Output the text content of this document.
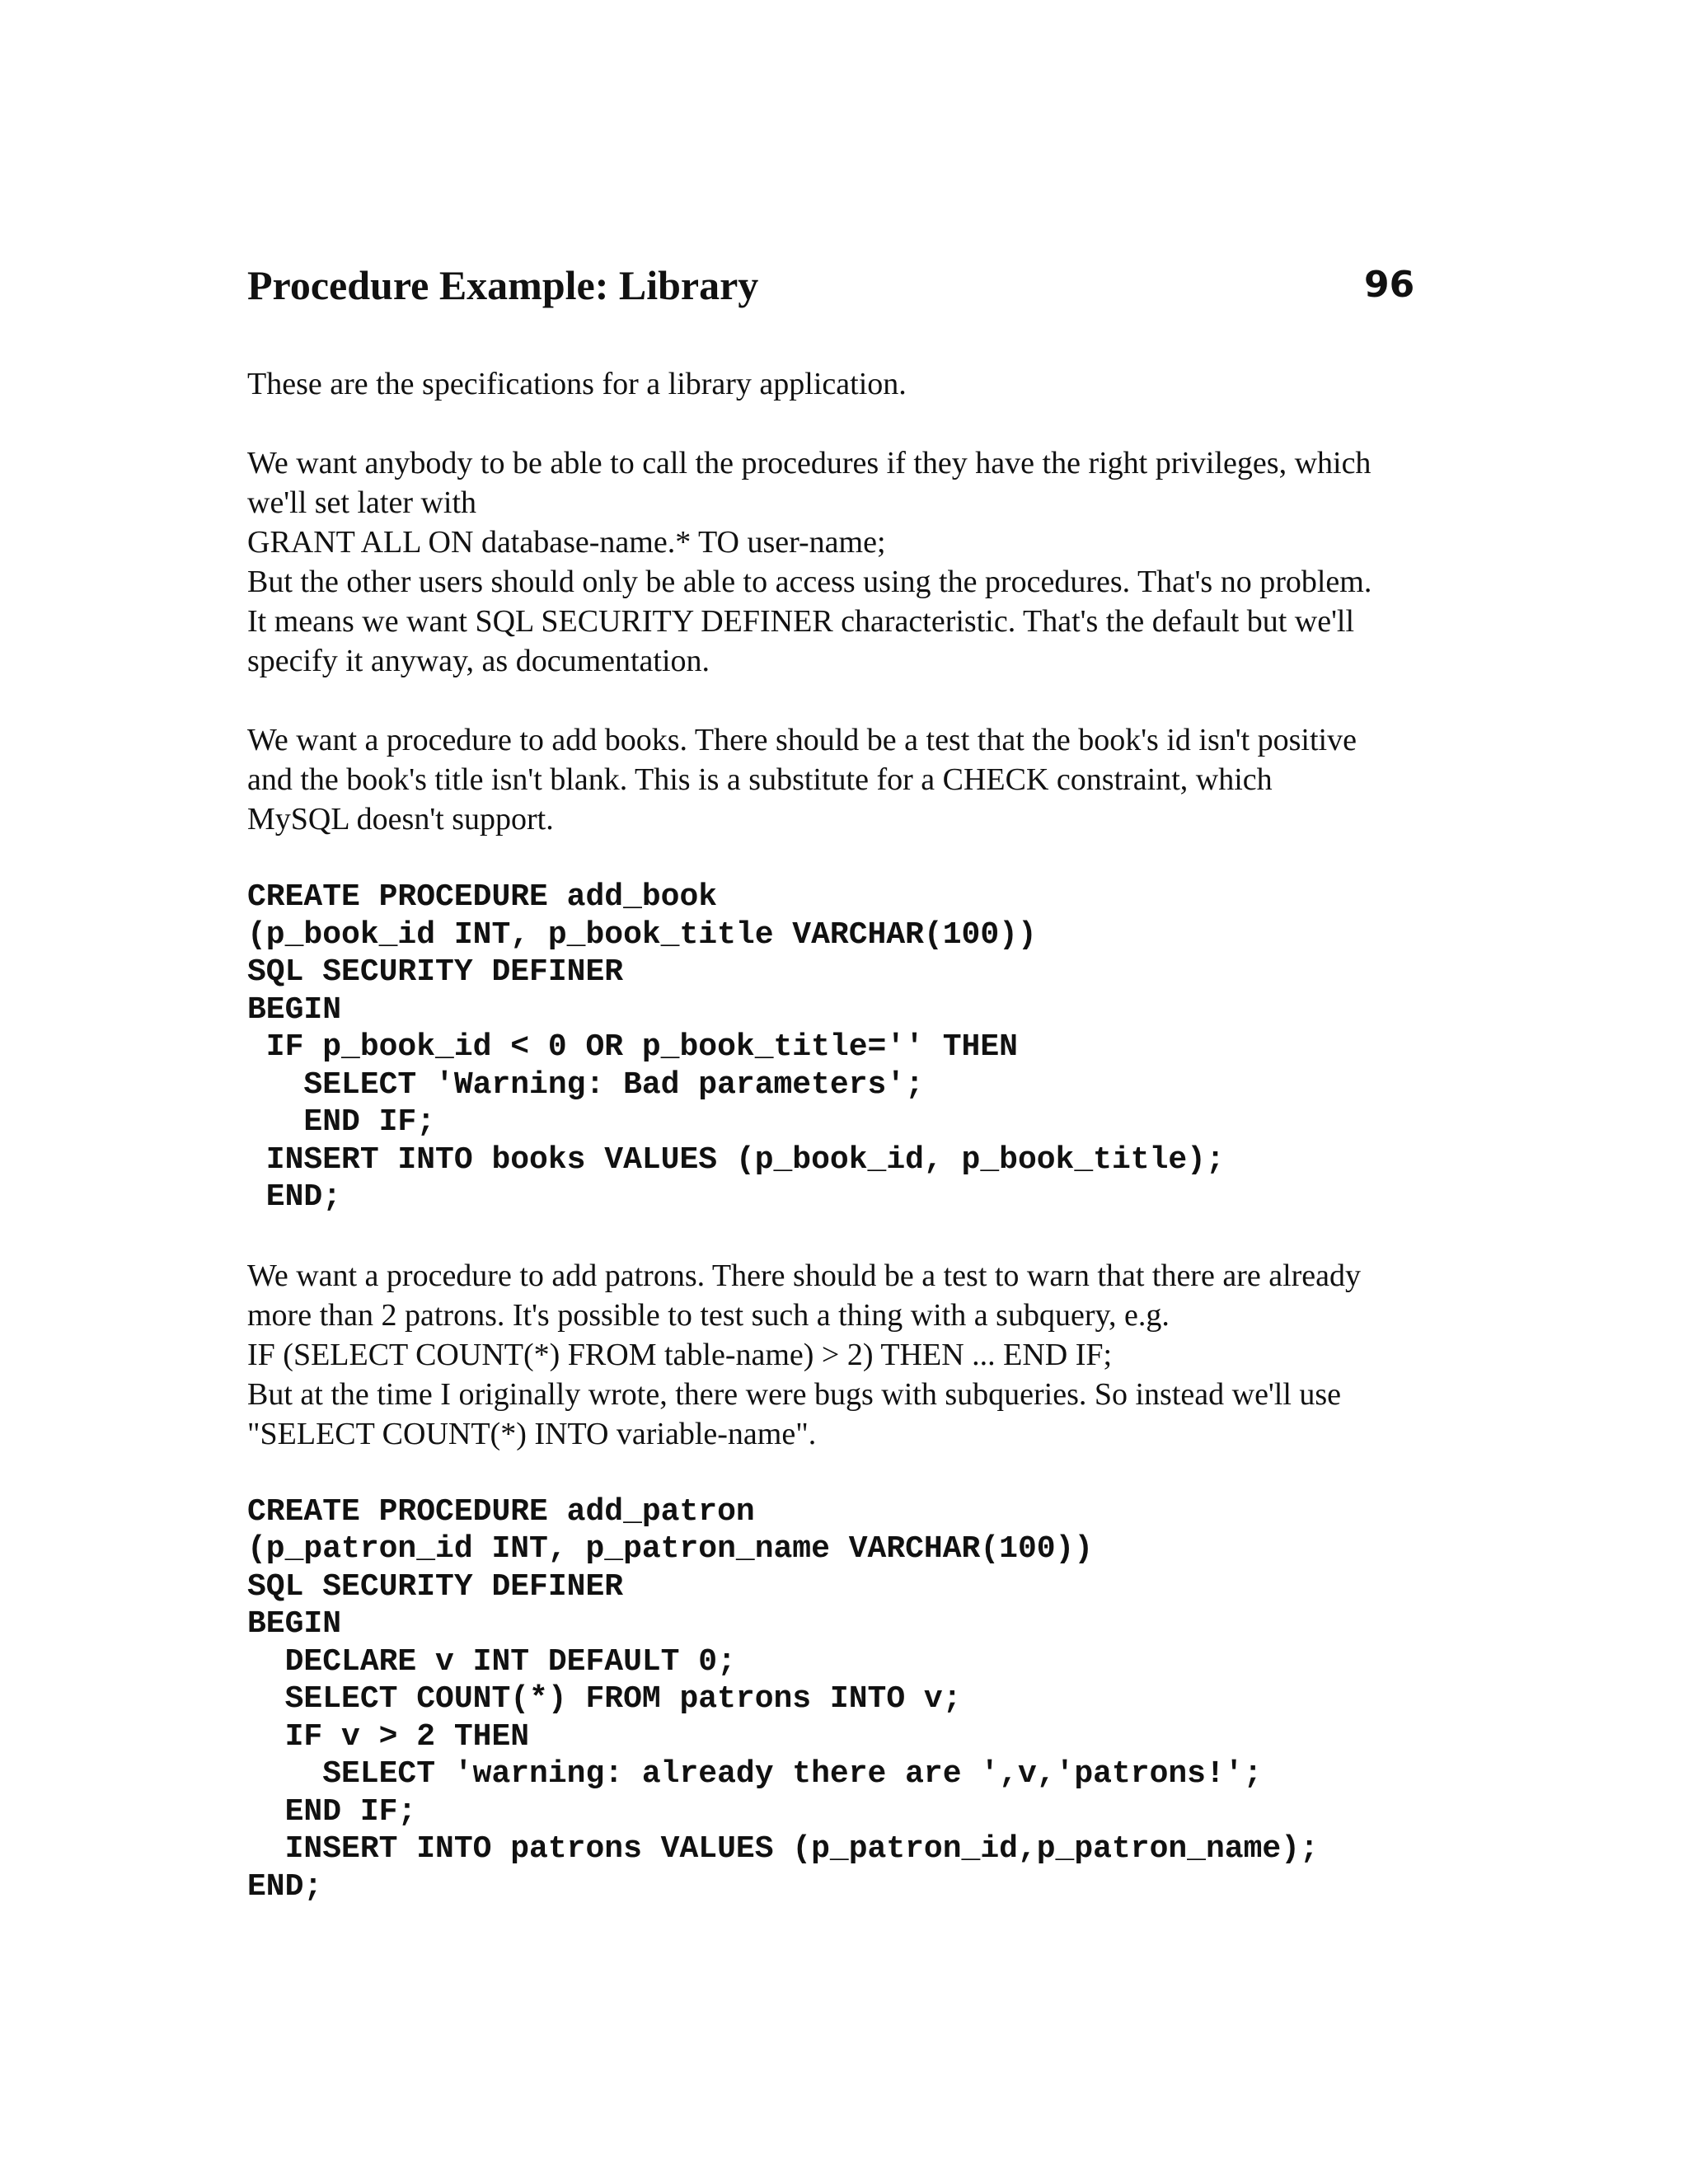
Procedure Example: Library	96

These are the specifications for a library application.

We want anybody to be able to call the procedures if they have the right privileges, which
we'll set later with
GRANT ALL ON database-name.* TO user-name;
But the other users should only be able to access using the procedures. That's no problem.
It means we want SQL SECURITY DEFINER characteristic. That's the default but we'll
specify it anyway, as documentation.

We want a procedure to add books. There should be a test that the book's id isn't positive
and the book's title isn't blank. This is a substitute for a CHECK constraint, which
MySQL doesn't support.

CREATE PROCEDURE add_book
(p_book_id INT, p_book_title VARCHAR(100))
SQL SECURITY DEFINER
BEGIN
IF p_book_id < 0 OR p_book_title='' THEN
SELECT 'Warning: Bad parameters';
END IF;
INSERT INTO books VALUES (p_book_id, p_book_title);
END;

We want a procedure to add patrons. There should be a test to warn that there are already
more than 2 patrons. It's possible to test such a thing with a subquery, e.g.
IF (SELECT COUNT(*) FROM table-name) > 2) THEN ... END IF;
But at the time I originally wrote, there were bugs with subqueries. So instead we'll use
"SELECT COUNT(*) INTO variable-name".

CREATE PROCEDURE add_patron
(p_patron_id INT, p_patron_name VARCHAR(100))
SQL SECURITY DEFINER
BEGIN
DECLARE v INT DEFAULT 0;
SELECT COUNT(*) FROM patrons INTO v;
IF v > 2 THEN
SELECT 'warning: already there are ',v,'patrons!';
END IF;
INSERT INTO patrons VALUES (p_patron_id,p_patron_name);
END;
